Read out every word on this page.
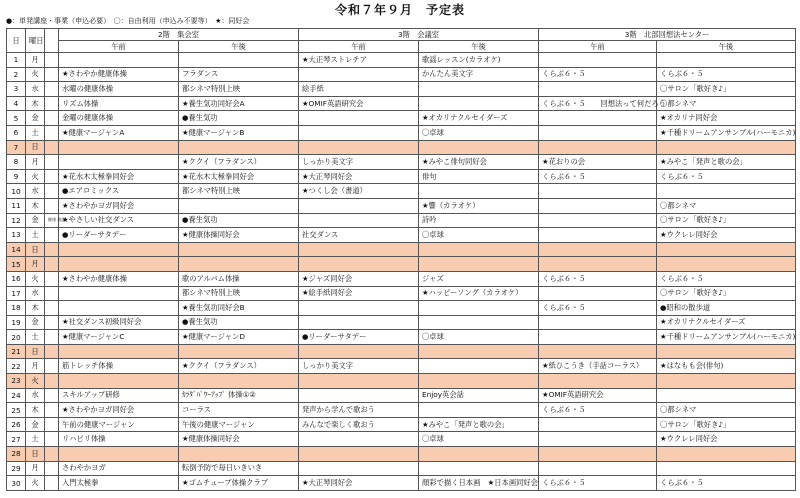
令和７年９月　予定表
●：単発講座・事業（申込必要）　〇：自由利用（申込み不要等）　★：同好会
日	曜日		2階　集会室		3階　会議室		3階　北部回想法センター	
			午前	午後	午前	午後	午前	午後
1	月				★大正琴ストレチア	歌謡レッスン(カラオケ)		
2	火		★さわやか健康体操	フラダンス		かんたん美文字	くらぶ６・５	くらぶ６・５
3	水		水曜の健康体操	都シネマ特別上映	絵手紙			〇サロン「歌好き♪」
4	木		リズム体操	★養生気功同好会A	★OMIF英語研究会		くらぶ６・５　　回想法って何だろう	〇都シネマ
5	金		金曜の健康体操	●養生気功		★オカリナクルセイダーズ		★オカリナ同好会
6	土		★健康マージャンA	★健康マージャンB		〇卓球		★千種ドリームアンサンブル(ハーモニカ)
7	日							
8	月			★ククイ（フラダンス）	しっかり美文字	★みやこ俳句同好会	★花おりの会	★みやこ「発声と歌の会」
9	火		★花水木太極拳同好会	★花水木太極拳同好会	★大正琴同好会	俳句	くらぶ６・５	くらぶ６・５
10	水		●エアロミックス	都シネマ特別上映	★つくし会（書道）			
11	木		★さわやかヨガ同好会			★響（カラオケ）		〇都シネマ
12	金	健康 相談	★やさしい社交ダンス	●養生気功		詩吟		〇サロン「歌好き♪」
13	土		●リーダーサタデー	★健康体操同好会	社交ダンス	〇卓球		★ウクレレ同好会
14	日							
15	月							
16	火		★さわやか健康体操	歌のアルバム体操	★ジャズ同好会	ジャズ	くらぶ６・５	くらぶ６・５
17	水			都シネマ特別上映	★絵手紙同好会	★ハッピーソング（カラオケ）		〇サロン「歌好き♪」
18	木			★養生気功同好会B			くらぶ６・５	●昭和の散歩道
19	金		★社交ダンス初級同好会	●養生気功				★オカリナクルセイダーズ
20	土		★健康マージャンC	★健康マージャンD	●リーダーサタデー	〇卓球		★千種ドリームアンサンブル(ハーモニカ)
21	日							
22	月		筋トレッチ体操	★ククイ（フラダンス）	しっかり美文字		★紙ひこうき（手話コーラス）	★はなもも会(俳句)
23	火							
24	水		スキルアップ研修	ｶﾗﾀﾞﾊﾟﾜｰｱｯﾌﾟ 体操①②		Enjoy英会話	★OMIF英語研究会	
25	木		★さわやかヨガ同好会	コーラス	発声から学んで歌おう		くらぶ６・５	〇都シネマ
26	金		午前の健康マージャン	午後の健康マージャン	みんなで楽しく歌おう	★みやこ「発声と歌の会」		〇サロン「歌好き♪」
27	土		リハビリ体操	★健康体操同好会		〇卓球		★ウクレレ同好会
28	日							
29	月		さわやかヨガ	転倒予防で毎日いきいき				
30	火		入門太極拳	★ゴムチューブ体操クラブ	★大正琴同好会	顔彩で描く日本画　★日本画同好会	くらぶ６・５	くらぶ６・５
